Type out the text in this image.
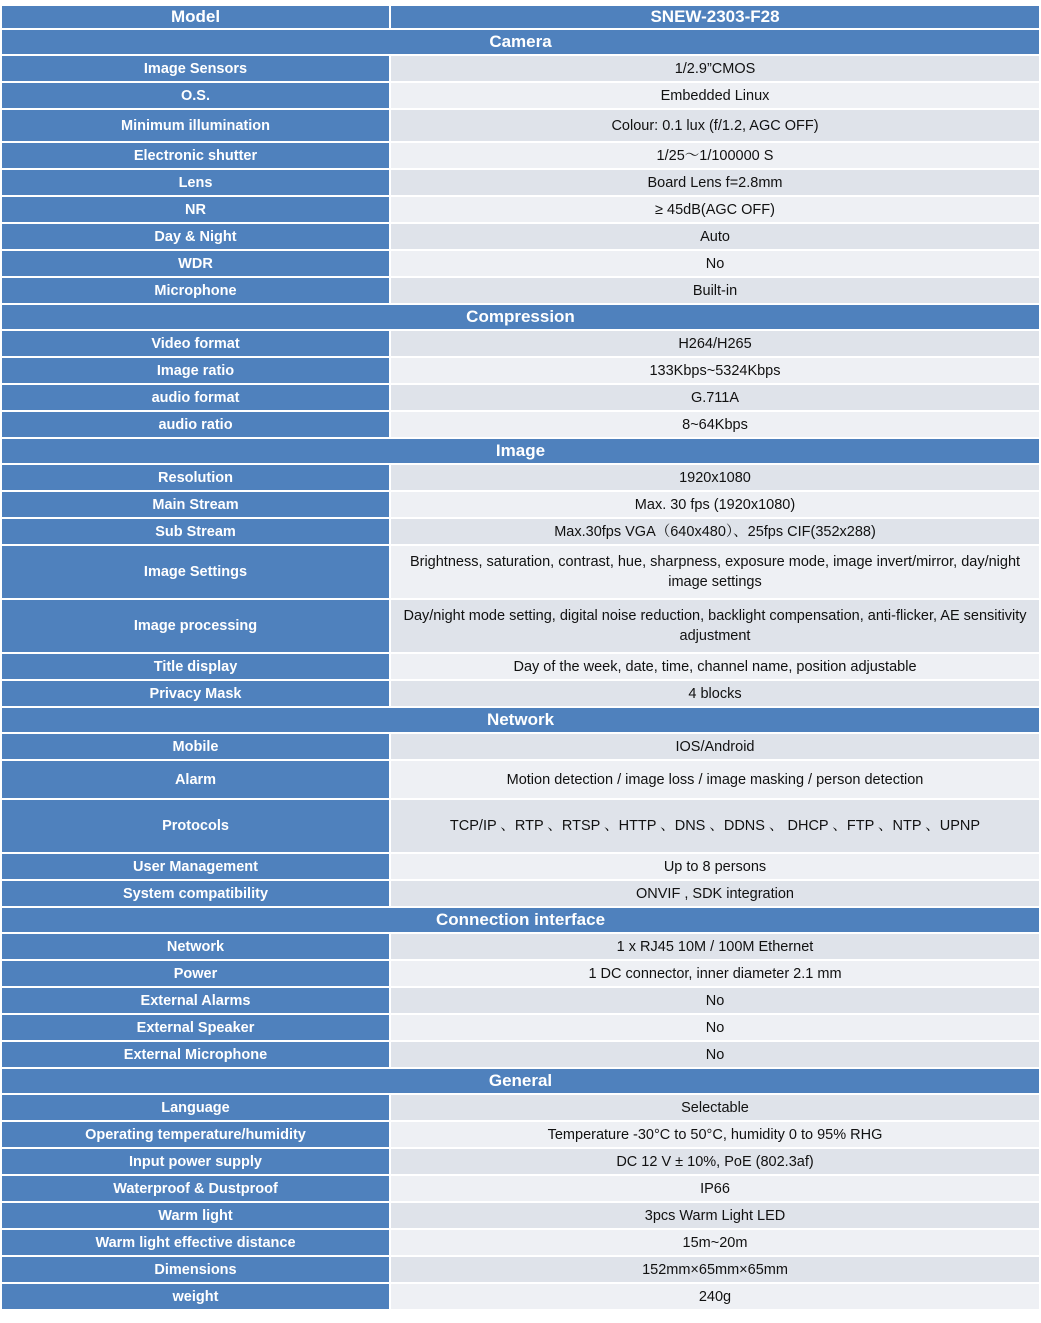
Model	SNEW-2303-F28
Camera	
Image Sensors	1/2.9”CMOS
O.S.	Embedded Linux
Minimum illumination	Colour: 0.1 lux (f/1.2, AGC OFF)
Electronic shutter	1/25～1/100000 S
Lens	Board Lens f=2.8mm
NR	≥ 45dB(AGC OFF)
Day & Night	Auto
WDR	No
Microphone	Built-in
Compression	
Video format	H264/H265
Image ratio	133Kbps~5324Kbps
audio format	G.711A
audio ratio	8~64Kbps
Image	
Resolution	1920x1080
Main Stream	Max. 30 fps (1920x1080)
Sub Stream	Max.30fps VGA（640x480）、25fps CIF(352x288)
Image Settings	Brightness, saturation, contrast, hue, sharpness, exposure mode, image invert/mirror, day/night image settings
Image processing	Day/night mode setting, digital noise reduction, backlight compensation, anti-flicker, AE sensitivity adjustment
Title display	Day of the week, date, time, channel name, position adjustable
Privacy Mask	4 blocks
Network	
Mobile	IOS/Android
Alarm	Motion detection / image loss / image masking / person detection
Protocols	TCP/IP 、RTP 、RTSP 、HTTP 、DNS 、DDNS 、 DHCP 、FTP 、NTP 、UPNP
User Management	Up to 8 persons
System compatibility	ONVIF , SDK integration
Connection interface	
Network	1 x RJ45 10M / 100M Ethernet
Power	1 DC connector, inner diameter 2.1 mm
External Alarms	No
External Speaker	No
External Microphone	No
General	
Language	Selectable
Operating temperature/humidity	Temperature -30°C to 50°C, humidity 0 to 95% RHG
Input power supply	DC 12 V ± 10%, PoE (802.3af)
Waterproof & Dustproof	IP66
Warm light	3pcs Warm Light LED
Warm light effective distance	15m~20m
Dimensions	152mm×65mm×65mm
weight	240g
